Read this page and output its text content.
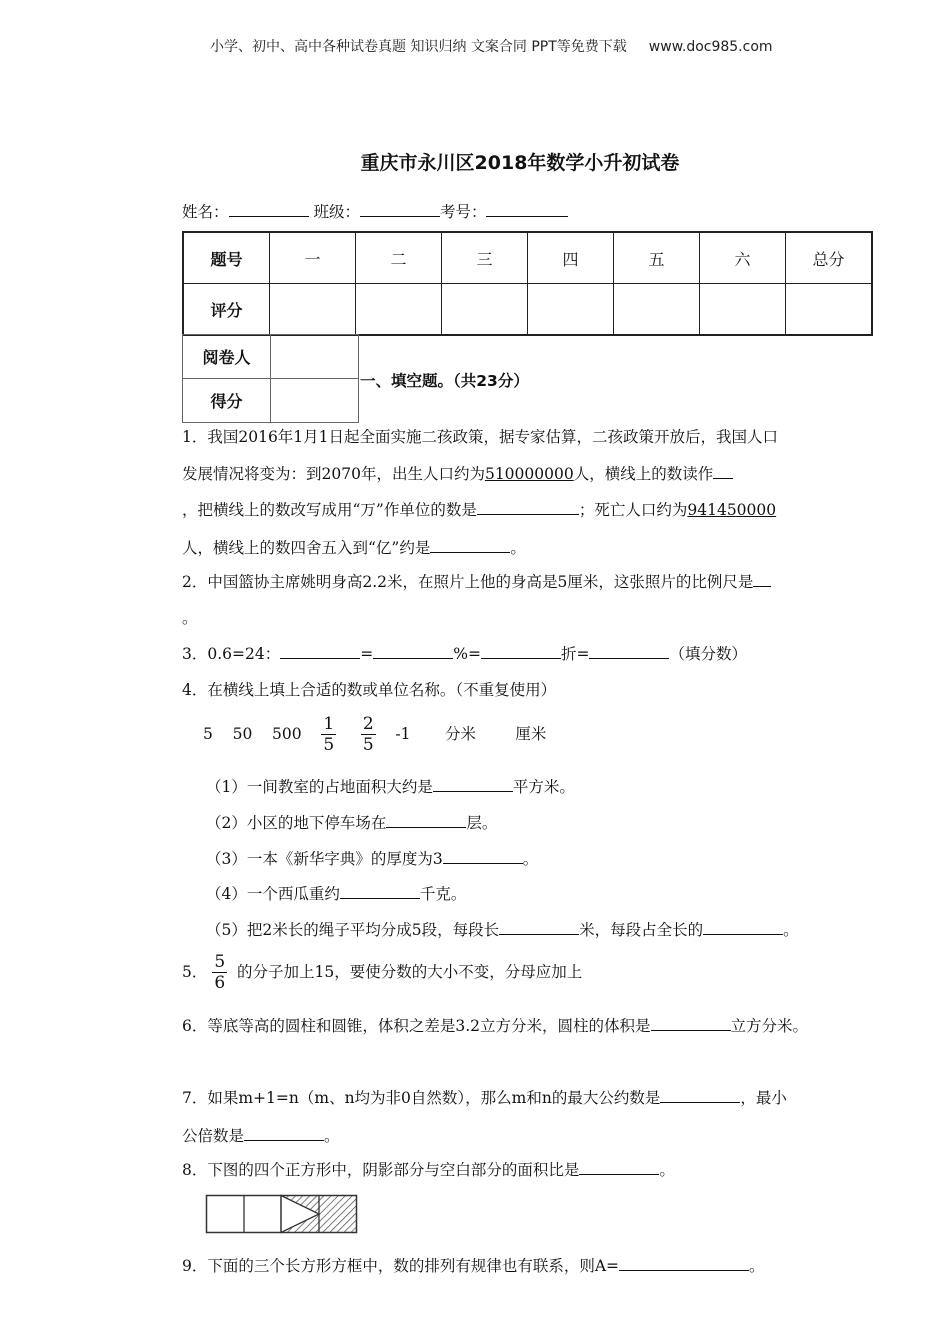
小学、初中、高中各种试卷真题 知识归纳 文案合同 PPT等免费下载 www.doc985.com
重庆市永川区2018年数学小升初试卷
姓名：	班级：	考号：
题号	一	二	三	四	五	六	总分
评分							
阅卷人	
得分	
一、填空题。（共23分）
1．我国2016年1月1日起全面实施二孩政策，据专家估算，二孩政策开放后，我国人口
发展情况将变为：到2070年，出生人口约为510000000人，横线上的数读作
，把横线上的数改写成用“万”作单位的数是	；死亡人口约为941450000
人，横线上的数四舍五入到“亿”约是	。
2．中国篮协主席姚明身高2.2米，在照片上他的身高是5厘米，这张照片的比例尺是
。
3．0.6=24：	=	%=	折=	（填分数）
4．在横线上填上合适的数或单位名称。（不重复使用）
5 50 $500 \frac{1}{5}$
$\frac{2}{5} -1$ 分米	厘米
（1）一间教室的占地面积大约是	平方米。
（2）小区的地下停车场在	层。
（3）一本《新华字典》的厚度为3	。
（4）一个西瓜重约	千克。
（5）把2米长的绳子平均分成5段，每段长	米，每段占全长的	。
5． $\frac{5}{6}$ 的分子加上15，要使分数的大小不变，分母应加上
6．等底等高的圆柱和圆锥，体积之差是3.2立方分米，圆柱的体积是	立方分米。
7．如果m+1=n（m、n均为非0自然数），那么m和n的最大公约数是	，最小
公倍数是	。
8．下图的四个正方形中，阴影部分与空白部分的面积比是	。
9．下面的三个长方形方框中，数的排列有规律也有联系，则A=	。
